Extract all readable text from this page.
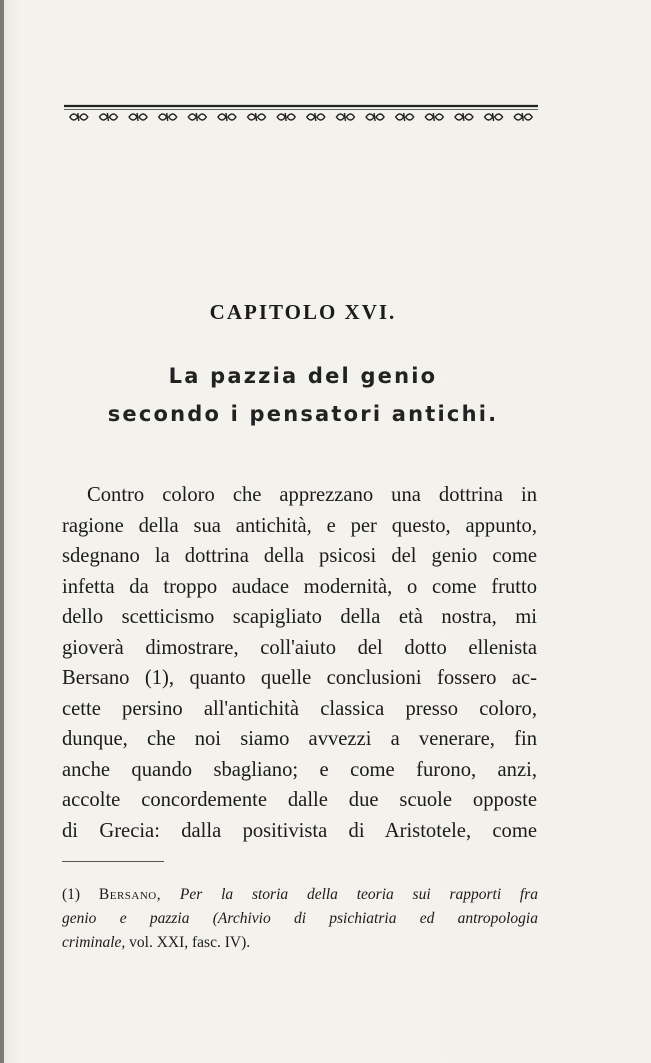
CAPITOLO XVI.
La pazzia del genio
secondo i pensatori antichi.
Contro coloro che apprezzano una dottrina in
ragione della sua antichità, e per questo, appunto,
sdegnano la dottrina della psicosi del genio come
infetta da troppo audace modernità, o come frutto
dello scetticismo scapigliato della età nostra, mi
gioverà dimostrare, coll'aiuto del dotto ellenista
Bersano (1), quanto quelle conclusioni fossero ac-
cette persino all'antichità classica presso coloro,
dunque, che noi siamo avvezzi a venerare, fin
anche quando sbagliano; e come furono, anzi,
accolte concordemente dalle due scuole opposte
di Grecia: dalla positivista di Aristotele, come
(1) Bersano, Per la storia della teoria sui rapporti fra
genio e pazzia (Archivio di psichiatria ed antropologia
criminale, vol. XXI, fasc. IV).
